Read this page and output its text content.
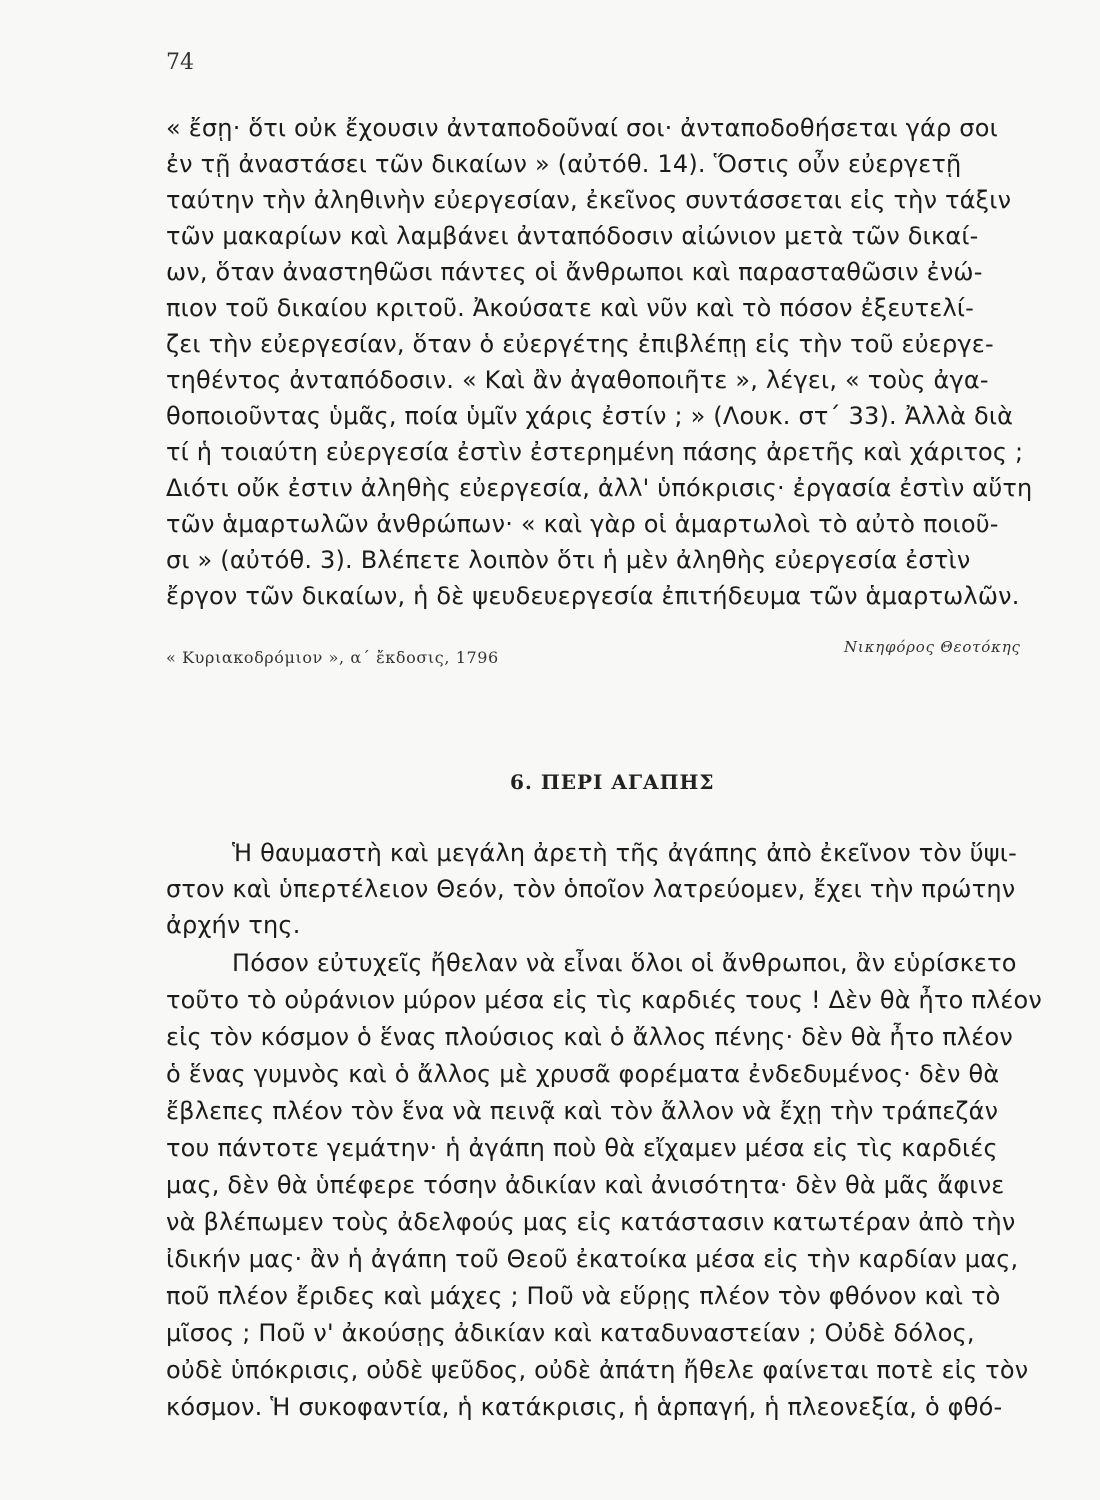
74
« ἔσῃ· ὅτι οὐκ ἔχουσιν ἀνταποδοῦναί σοι· ἀνταποδοθήσεται γάρ σοι
ἐν τῇ ἀναστάσει τῶν δικαίων » (αὐτόθ. 14). Ὅστις οὖν εὐεργετῇ
ταύτην τὴν ἀληθινὴν εὐεργεσίαν, ἐκεῖνος συντάσσεται εἰς τὴν τάξιν
τῶν μακαρίων καὶ λαμβάνει ἀνταπόδοσιν αἰώνιον μετὰ τῶν δικαί-
ων, ὅταν ἀναστηθῶσι πάντες οἱ ἄνθρωποι καὶ παρασταθῶσιν ἐνώ-
πιον τοῦ δικαίου κριτοῦ. Ἀκούσατε καὶ νῦν καὶ τὸ πόσον ἐξευτελί-
ζει τὴν εὐεργεσίαν, ὅταν ὁ εὐεργέτης ἐπιβλέπῃ εἰς τὴν τοῦ εὐεργε-
τηθέντος ἀνταπόδοσιν. « Καὶ ἂν ἀγαθοποιῆτε », λέγει, « τοὺς ἀγα-
θοποιοῦντας ὑμᾶς, ποία ὑμῖν χάρις ἐστίν ; » (Λουκ. στ΄ 33). Ἀλλὰ διὰ
τί ἡ τοιαύτη εὐεργεσία ἐστὶν ἐστερημένη πάσης ἀρετῆς καὶ χάριτος ;
Διότι οὔκ ἐστιν ἀληθὴς εὐεργεσία, ἀλλ' ὑπόκρισις· ἐργασία ἐστὶν αὕτη
τῶν ἁμαρτωλῶν ἀνθρώπων· « καὶ γὰρ οἱ ἁμαρτωλοὶ τὸ αὐτὸ ποιοῦ-
σι » (αὐτόθ. 3). Βλέπετε λοιπὸν ὅτι ἡ μὲν ἀληθὴς εὐεργεσία ἐστὶν
ἔργον τῶν δικαίων, ἡ δὲ ψευδευεργεσία ἐπιτήδευμα τῶν ἁμαρτωλῶν.
Νικηφόρος Θεοτόκης
« Κυριακοδρόμιον », α΄ ἔκδοσις, 1796
6. ΠΕΡΙ ΑΓΑΠΗΣ
Ἡ θαυμαστὴ καὶ μεγάλη ἀρετὴ τῆς ἀγάπης ἀπὸ ἐκεῖνον τὸν ὕψι-
στον καὶ ὑπερτέλειον Θεόν, τὸν ὁποῖον λατρεύομεν, ἔχει τὴν πρώτην
ἀρχήν της.
Πόσον εὐτυχεῖς ἤθελαν νὰ εἶναι ὅλοι οἱ ἄνθρωποι, ἂν εὑρίσκετο
τοῦτο τὸ οὐράνιον μύρον μέσα εἰς τὶς καρδιές τους ! Δὲν θὰ ἦτο πλέον
εἰς τὸν κόσμον ὁ ἕνας πλούσιος καὶ ὁ ἄλλος πένης· δὲν θὰ ἦτο πλέον
ὁ ἕνας γυμνὸς καὶ ὁ ἄλλος μὲ χρυσᾶ φορέματα ἐνδεδυμένος· δὲν θὰ
ἔβλεπες πλέον τὸν ἕνα νὰ πεινᾷ καὶ τὸν ἄλλον νὰ ἔχῃ τὴν τράπεζάν
του πάντοτε γεμάτην· ἡ ἀγάπη ποὺ θὰ εἴχαμεν μέσα εἰς τὶς καρδιές
μας, δὲν θὰ ὑπέφερε τόσην ἀδικίαν καὶ ἀνισότητα· δὲν θὰ μᾶς ἄφινε
νὰ βλέπωμεν τοὺς ἀδελφούς μας εἰς κατάστασιν κατωτέραν ἀπὸ τὴν
ἰδικήν μας· ἂν ἡ ἀγάπη τοῦ Θεοῦ ἐκατοίκα μέσα εἰς τὴν καρδίαν μας,
ποῦ πλέον ἔριδες καὶ μάχες ; Ποῦ νὰ εὕρῃς πλέον τὸν φθόνον καὶ τὸ
μῖσος ; Ποῦ ν' ἀκούσῃς ἀδικίαν καὶ καταδυναστείαν ; Οὐδὲ δόλος,
οὐδὲ ὑπόκρισις, οὐδὲ ψεῦδος, οὐδὲ ἀπάτη ἤθελε φαίνεται ποτὲ εἰς τὸν
κόσμον. Ἡ συκοφαντία, ἡ κατάκρισις, ἡ ἁρπαγή, ἡ πλεονεξία, ὁ φθό-
